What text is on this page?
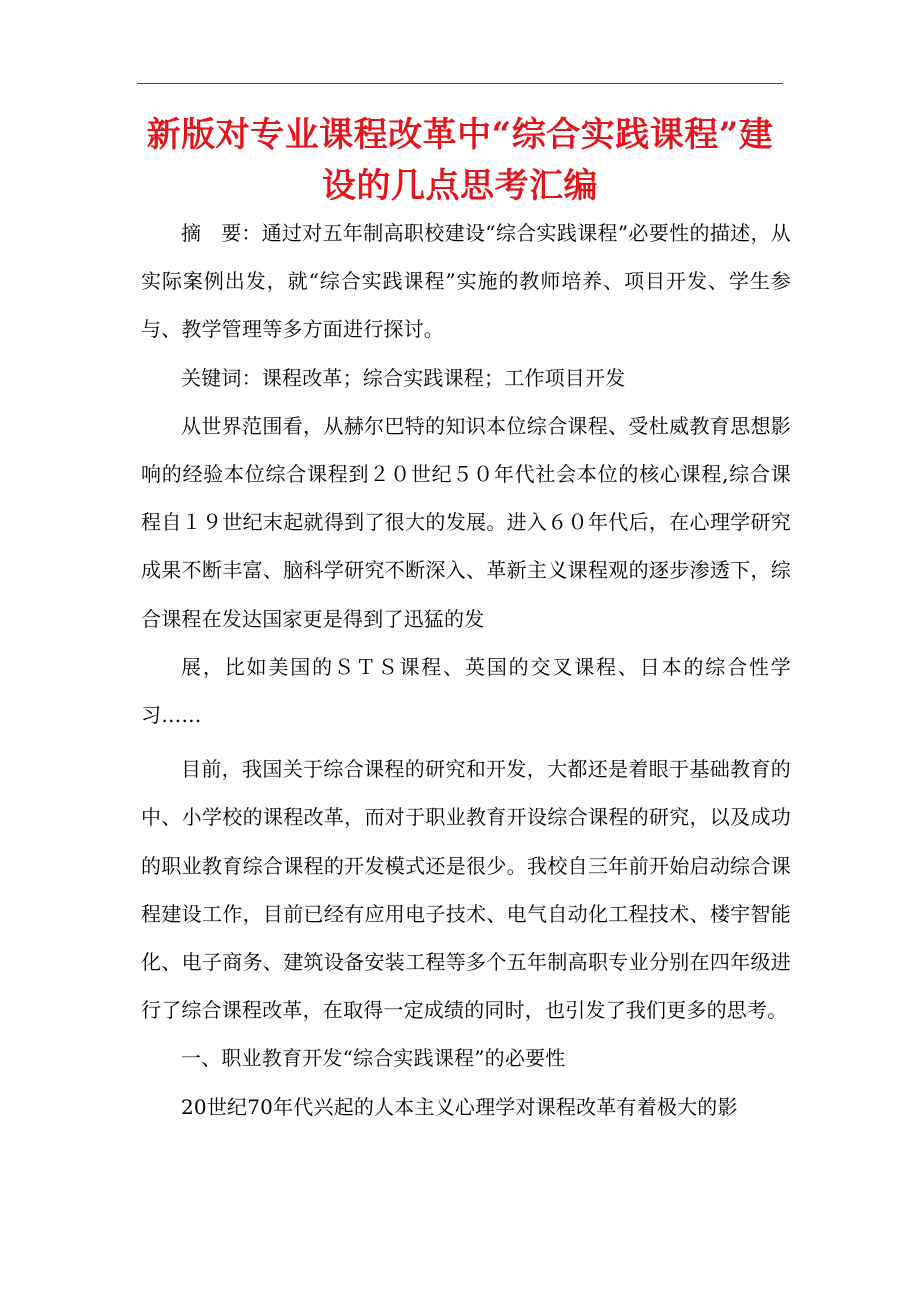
新版对专业课程改革中“综合实践课程”建设的几点思考汇编

摘　要：通过对五年制高职校建设“综合实践课程”必要性的描述，从实际案例出发，就“综合实践课程”实施的教师培养、项目开发、学生参与、教学管理等多方面进行探讨。

关键词：课程改革；综合实践课程；工作项目开发

从世界范围看，从赫尔巴特的知识本位综合课程、受杜威教育思想影响的经验本位综合课程到２０世纪５０年代社会本位的核心课程,综合课程自１９世纪末起就得到了很大的发展。进入６０年代后，在心理学研究成果不断丰富、脑科学研究不断深入、革新主义课程观的逐步渗透下，综合课程在发达国家更是得到了迅猛的发

展，比如美国的ＳＴＳ课程、英国的交叉课程、日本的综合性学习……

目前，我国关于综合课程的研究和开发，大都还是着眼于基础教育的中、小学校的课程改革，而对于职业教育开设综合课程的研究，以及成功的职业教育综合课程的开发模式还是很少。我校自三年前开始启动综合课程建设工作，目前已经有应用电子技术、电气自动化工程技术、楼宇智能化、电子商务、建筑设备安装工程等多个五年制高职专业分别在四年级进行了综合课程改革，在取得一定成绩的同时，也引发了我们更多的思考。

一、职业教育开发“综合实践课程”的必要性

20世纪70年代兴起的人本主义心理学对课程改革有着极大的影
